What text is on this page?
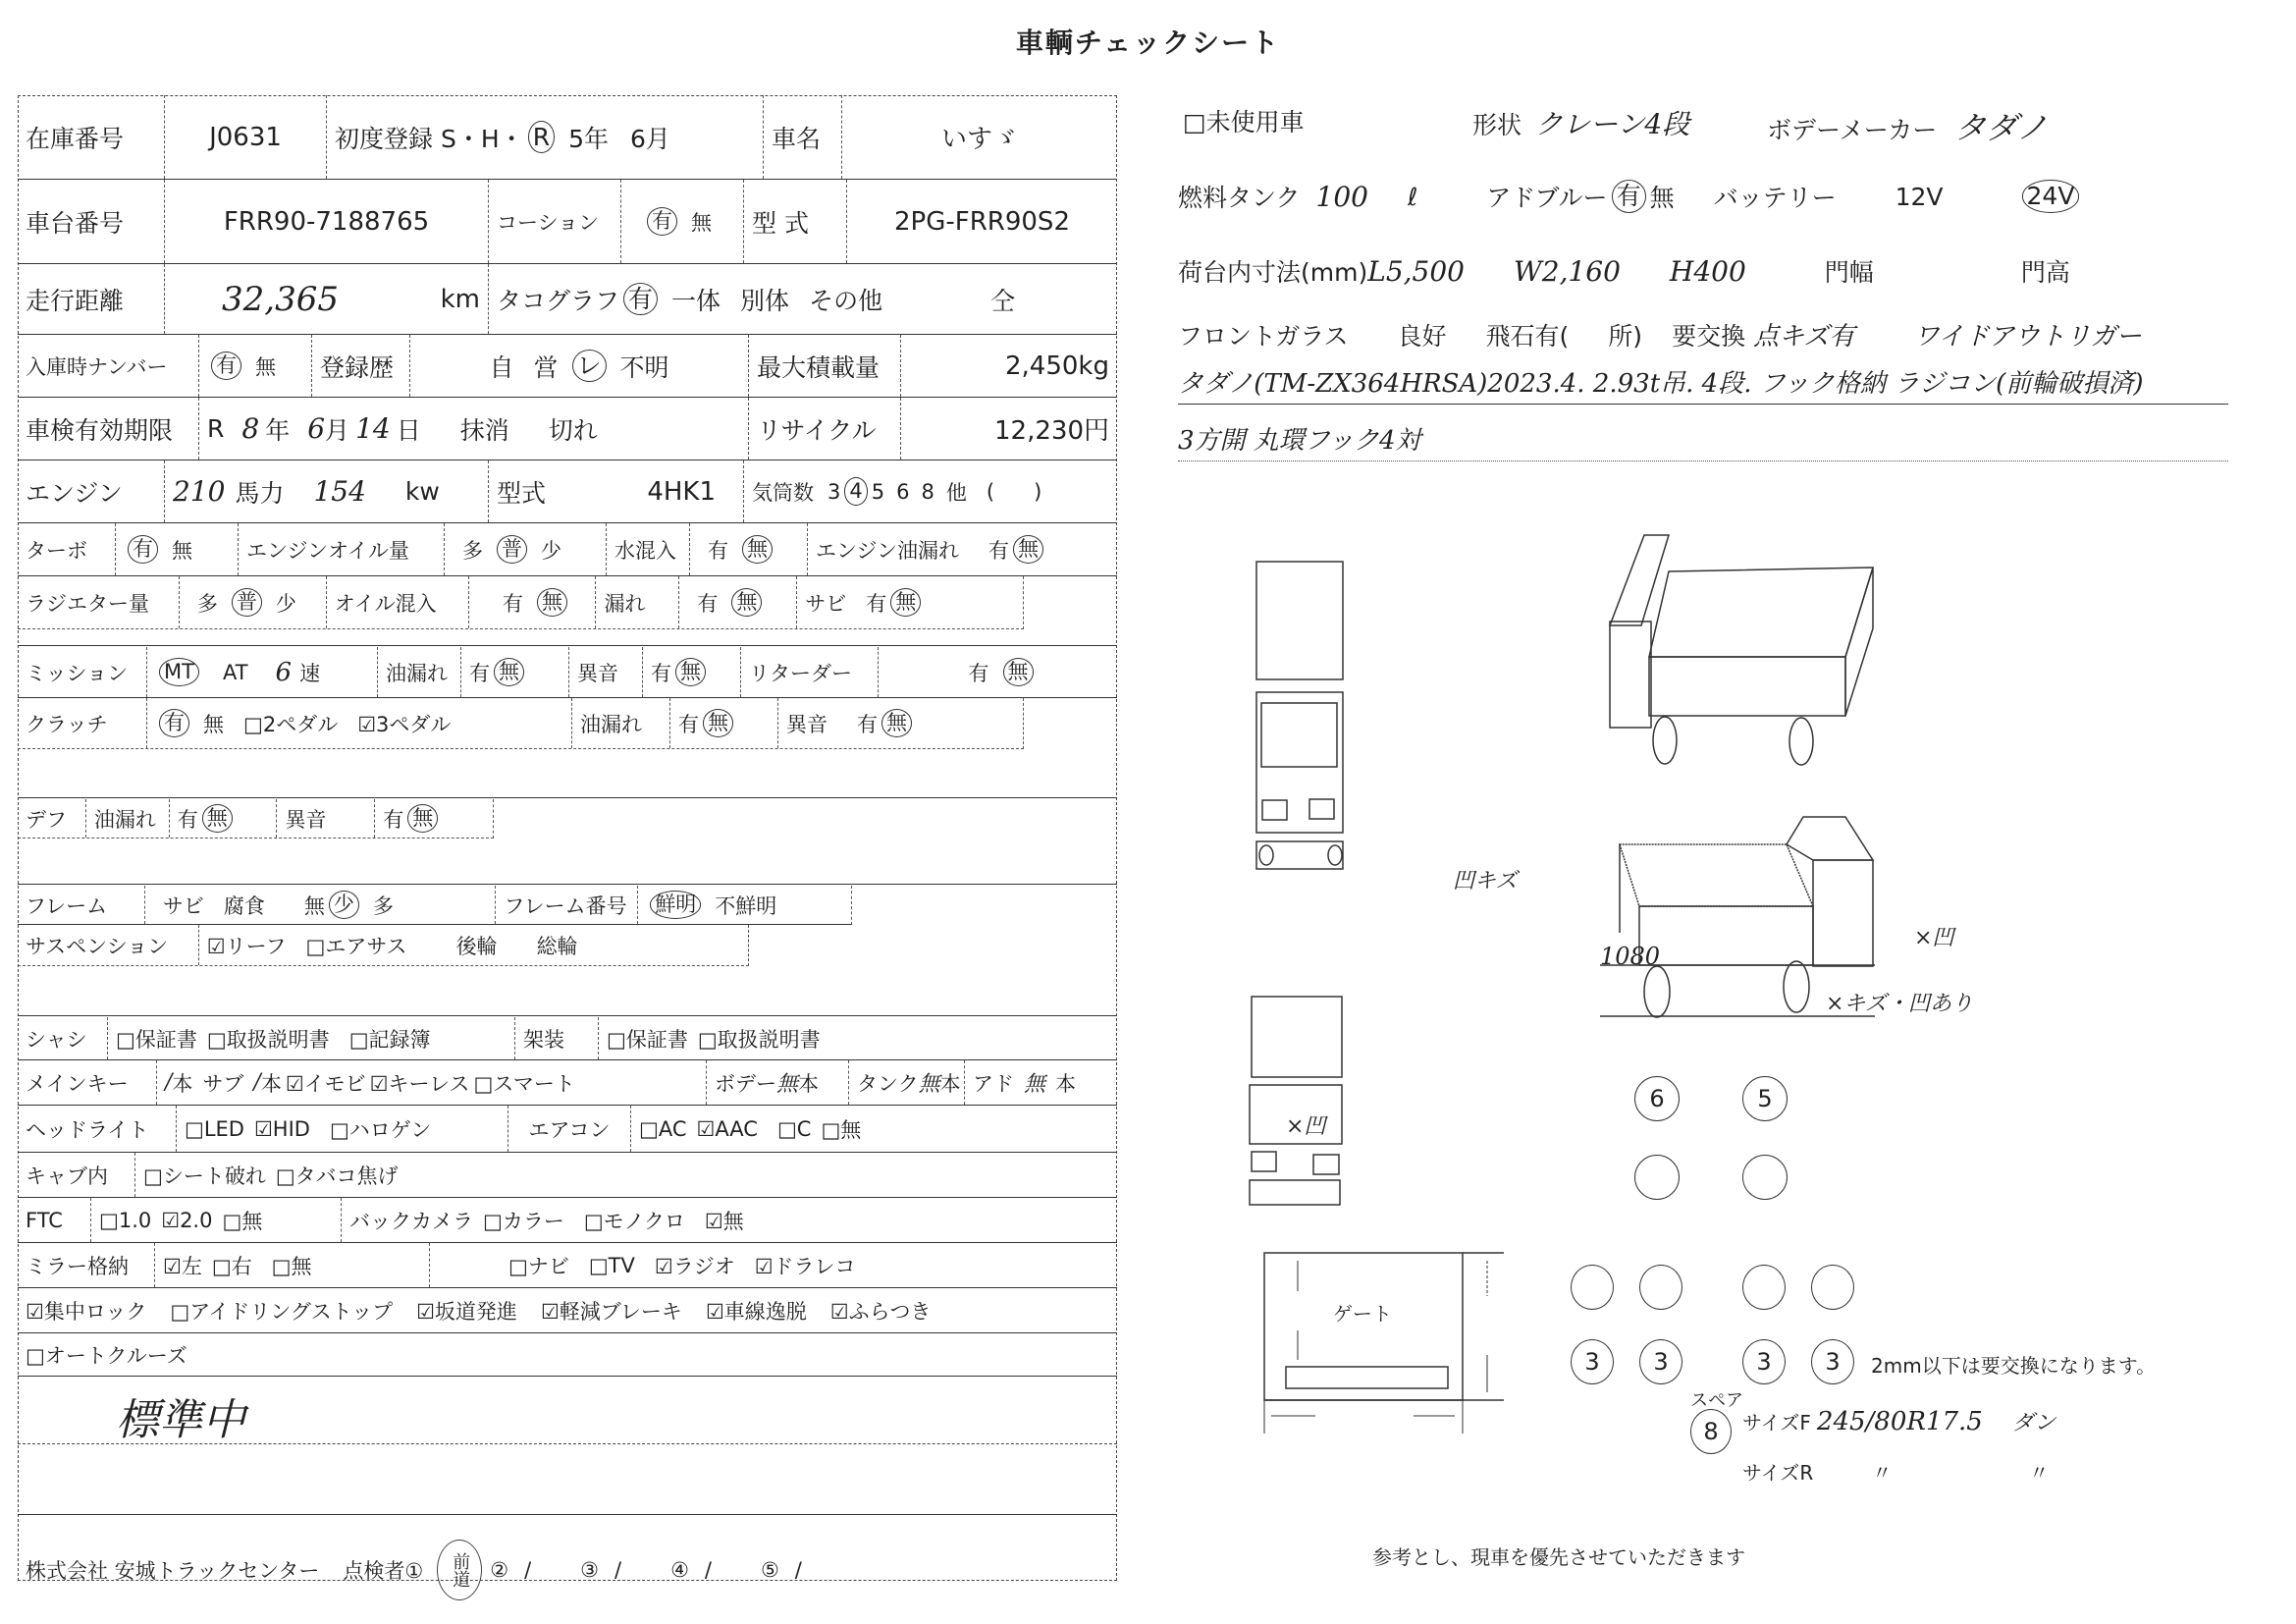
車輌チェックシート
在庫番号	J0631	初度登録 S・H・ R 5年 6月	車名	いすゞ
車台番号	FRR90-7188765	コーション	有 無	型 式	2PG-FRR90S2
走行距離	32,365	km タコグラフ 有 一体 別体 その他	仝
入庫時ナンバー	有 無	登録歴	自 営 レ 不明	最大積載量	2,450kg
車検有効期限	R 8 年 6 月 14 日 抹消 切れ	リサイクル	12,230円
エンジン	210 馬力 154 kw 型式	4HK1 気筒数 3 4 5 6 8 他 ( )
ターボ	有 無	エンジンオイル量	多 普 少	水混入	有 無 エンジン油漏れ 有 無
ラジエター量	多 普 少	オイル混入	有 無	漏れ	有 無 サビ 有 無
ミッション	MT AT 6 速	油漏れ	有 無	異音	有 無	リターダー	有 無
クラッチ	有 無 □2ペダル ☑3ペダル	油漏れ	有 無	異音 有 無
デフ	油漏れ	有 無	異音	有 無
フレーム	サビ 腐食 無 少 多	フレーム番号	鮮明 不鮮明
サスペンション	☑リーフ □エアサス 後輪 総輪
シャシ	□保証書 □取扱説明書 □記録簿	架装	□保証書 □取扱説明書
メインキー	/ 本 サブ / 本 ☑イモビ ☑キーレス □スマート	ボデー 無 本 タンク 無 本 アド 無 本
ヘッドライト	□LED ☑HID □ハロゲン	エアコン	□AC ☑AAC □C □無
キャブ内	□シート破れ □タバコ焦げ
FTC	□1.0 ☑2.0 □無	バックカメラ □カラー □モノクロ ☑無
ミラー格納	☑左 □右 □無	□ナビ □TV ☑ラジオ ☑ドラレコ
☑集中ロック □アイドリングストップ ☑坂道発進 ☑軽減ブレーキ ☑車線逸脱 ☑ふらつき
□オートクルーズ
標準中
株式会社 安城トラックセンター 点検者①	前道 ② / ③ / ④ / ⑤ /
□未使用車	形状 クレーン4段	ボデーメーカー タダノ
燃料タンク 100 ℓ	アドブルー 有 無 バッテリー 12V	24V
荷台内寸法(mm) L5,500 W2,160 H400	門幅	門高
フロントガラス 良好 飛石有( 所) 要交換 点キズ有 ワイドアウトリガー
タダノ(TM-ZX364HRSA)2023.4. 2.93t吊. 4段. フック格納 ラジコン(前輪破損済)
3方開 丸環フック4対
凹キズ
×凹
1080
×キズ・凹あり
×凹
ゲート
6	5
3	3	3	3	2mm以下は要交換になります。
スペア
8	サイズF 245/80R17.5 ダン
サイズR	〃	〃
参考とし、現車を優先させていただきます
